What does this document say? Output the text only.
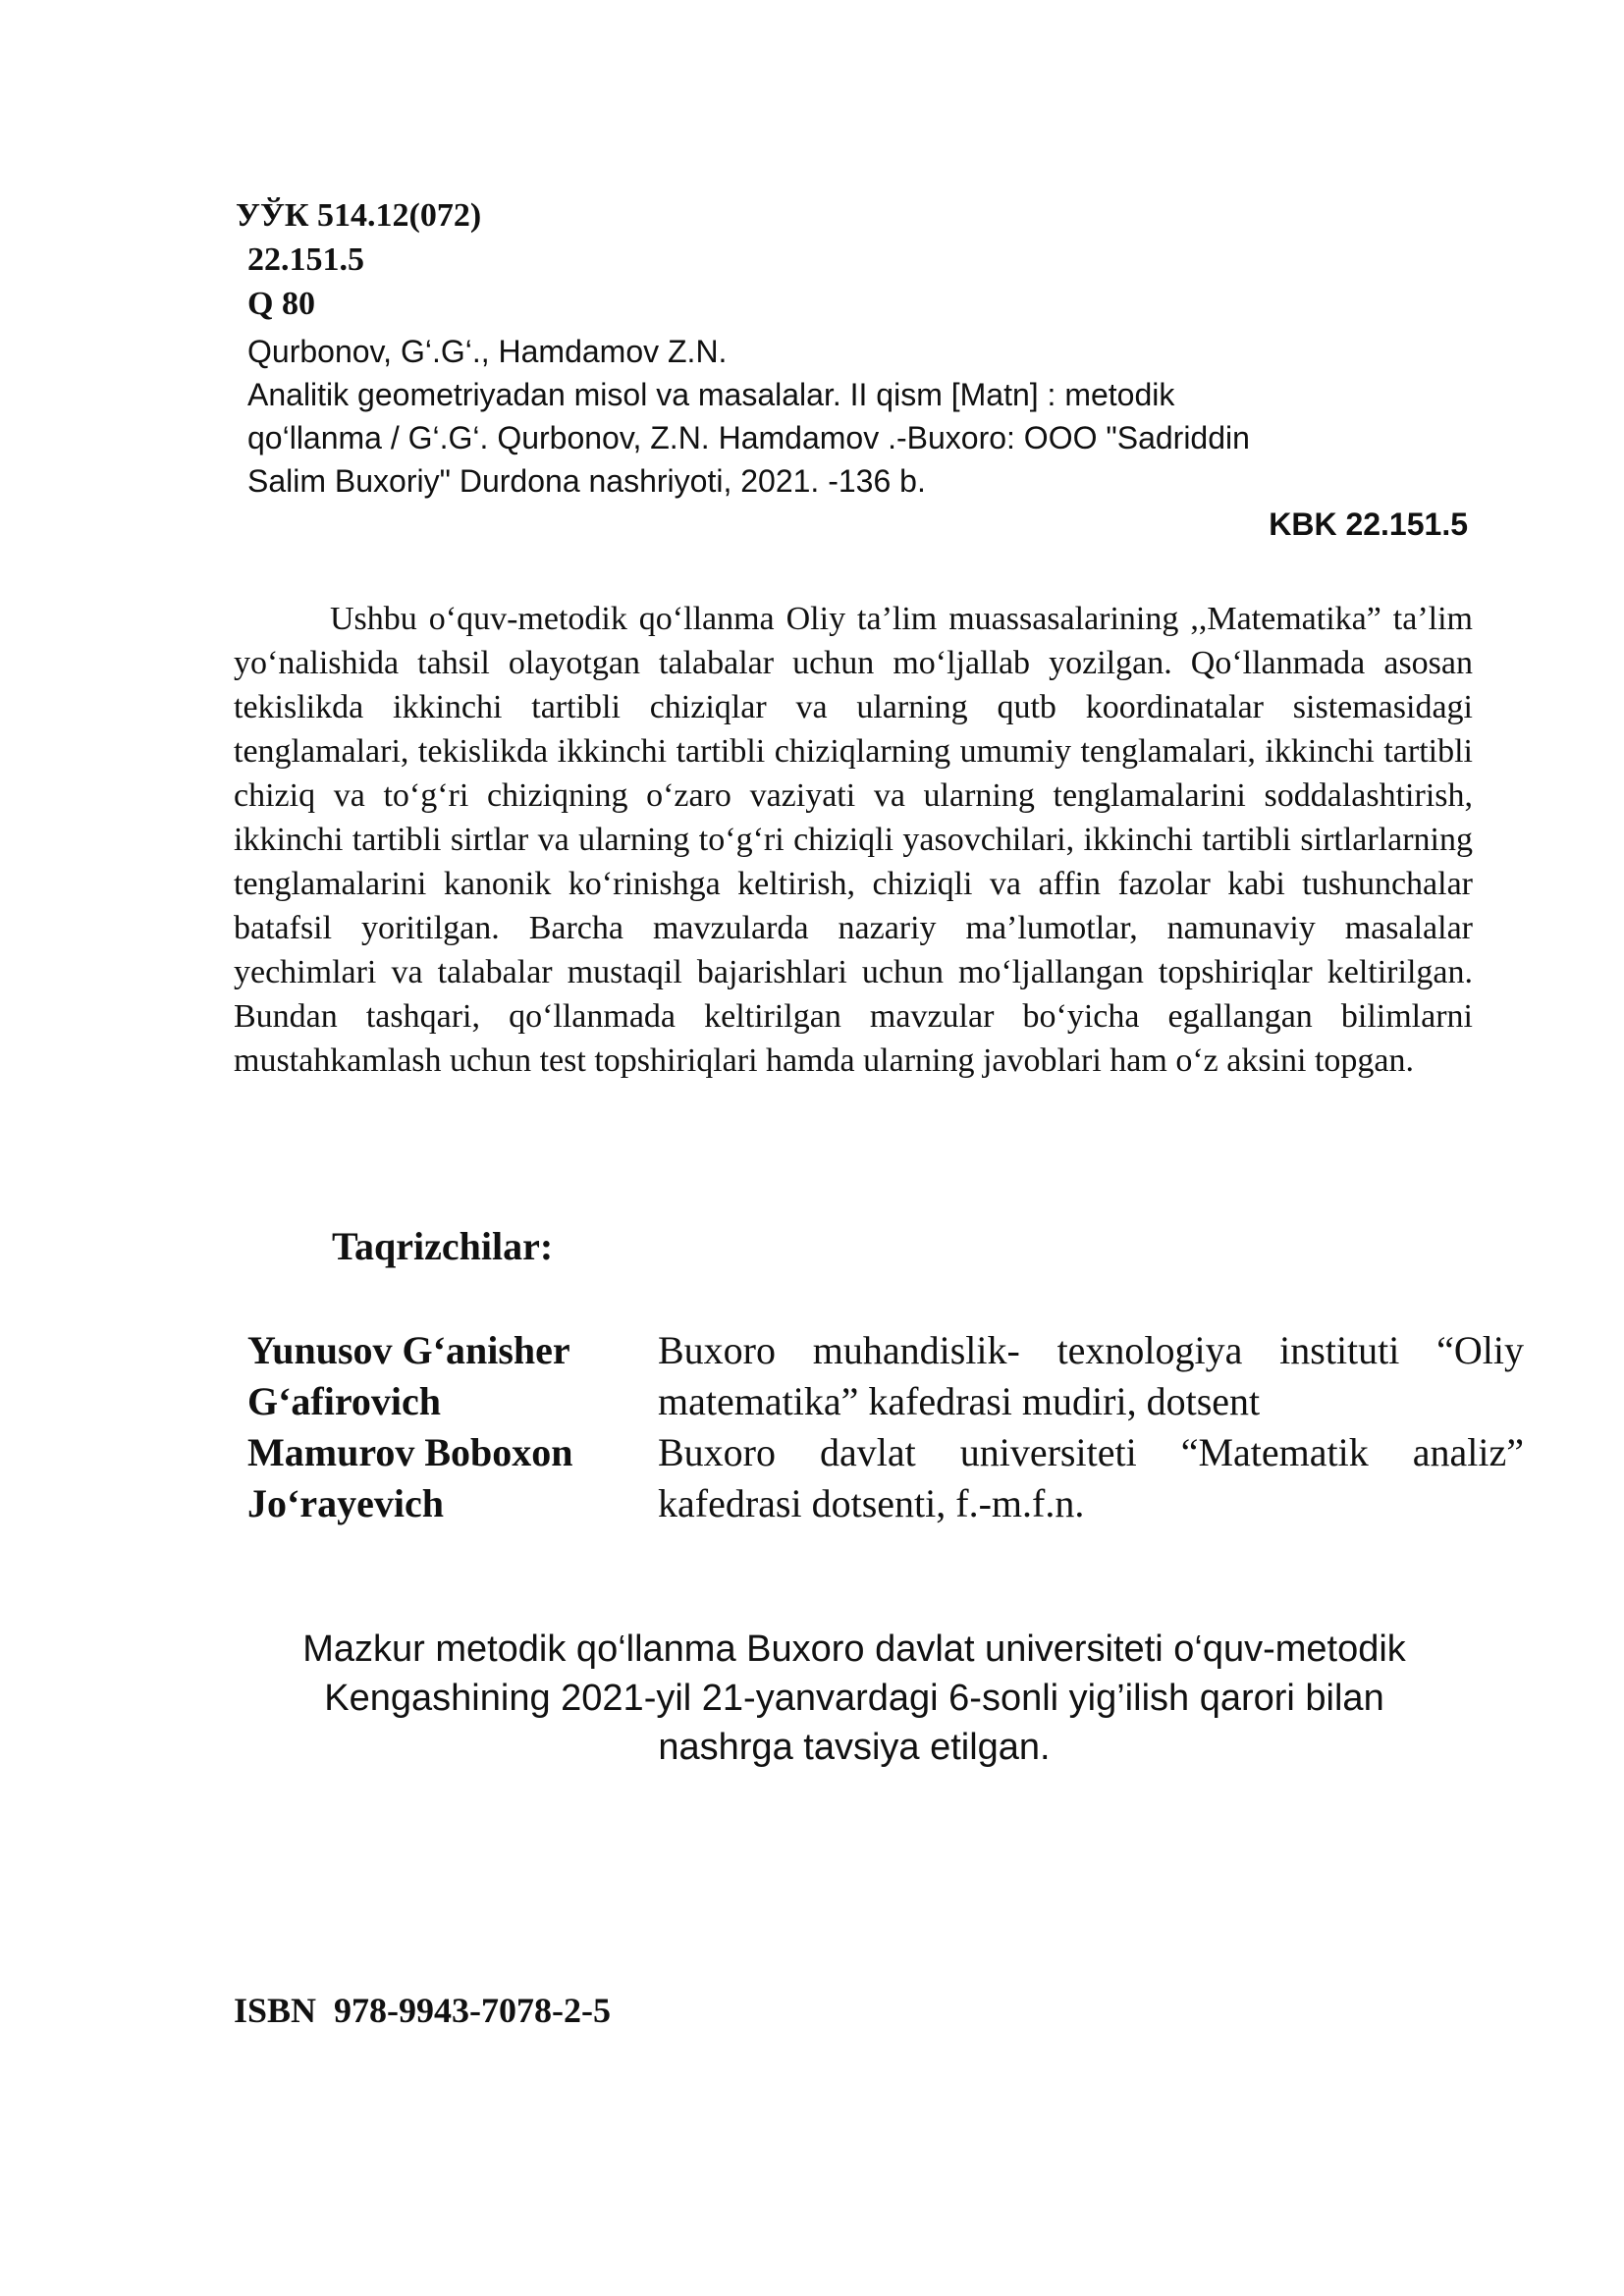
УЎК 514.12(072)
22.151.5
Q 80
Qurbonov, G‘.G‘., Hamdamov Z.N.
Analitik geometriyadan misol va masalalar. II qism [Matn] : metodik
qo‘llanma / G‘.G‘. Qurbonov, Z.N. Hamdamov .-Buxoro: OOO "Sadriddin
Salim Buxoriy" Durdona nashriyoti, 2021. -136 b.
KBK 22.151.5

Ushbu o‘quv-metodik qo‘llanma Oliy ta’lim muassasalarining ,,Matematika” ta’lim yo‘nalishida tahsil olayotgan talabalar uchun mo‘ljallab yozilgan. Qo‘llanmada asosan tekislikda ikkinchi tartibli chiziqlar va ularning qutb koordinatalar sistemasidagi tenglamalari, tekislikda ikkinchi tartibli chiziqlarning umumiy tenglamalari, ikkinchi tartibli chiziq va to‘g‘ri chiziqning o‘zaro vaziyati va ularning tenglamalarini soddalashtirish, ikkinchi tartibli sirtlar va ularning to‘g‘ri chiziqli yasovchilari, ikkinchi tartibli sirtlarlarning tenglamalarini kanonik ko‘rinishga keltirish, chiziqli va affin fazolar kabi tushunchalar batafsil yoritilgan. Barcha mavzularda nazariy ma’lumotlar, namunaviy masalalar yechimlari va talabalar mustaqil bajarishlari uchun mo‘ljallangan topshiriqlar keltirilgan. Bundan tashqari, qo‘llanmada keltirilgan mavzular bo‘yicha egallangan bilimlarni mustahkamlash uchun test topshiriqlari hamda ularning javoblari ham o‘z aksini topgan.

Taqrizchilar:
Yunusov G‘anisher
G‘afirovich
Buxoro muhandislik- texnologiya instituti “Oliy matematika” kafedrasi mudiri, dotsent
Mamurov Boboxon
Jo‘rayevich
Buxoro davlat universiteti “Matematik analiz” kafedrasi dotsenti, f.-m.f.n.
Mazkur metodik qo‘llanma Buxoro davlat universiteti o‘quv-metodik
Kengashining 2021-yil 21-yanvardagi 6-sonli yig’ilish qarori bilan
nashrga tavsiya etilgan.
ISBN  978-9943-7078-2-5
